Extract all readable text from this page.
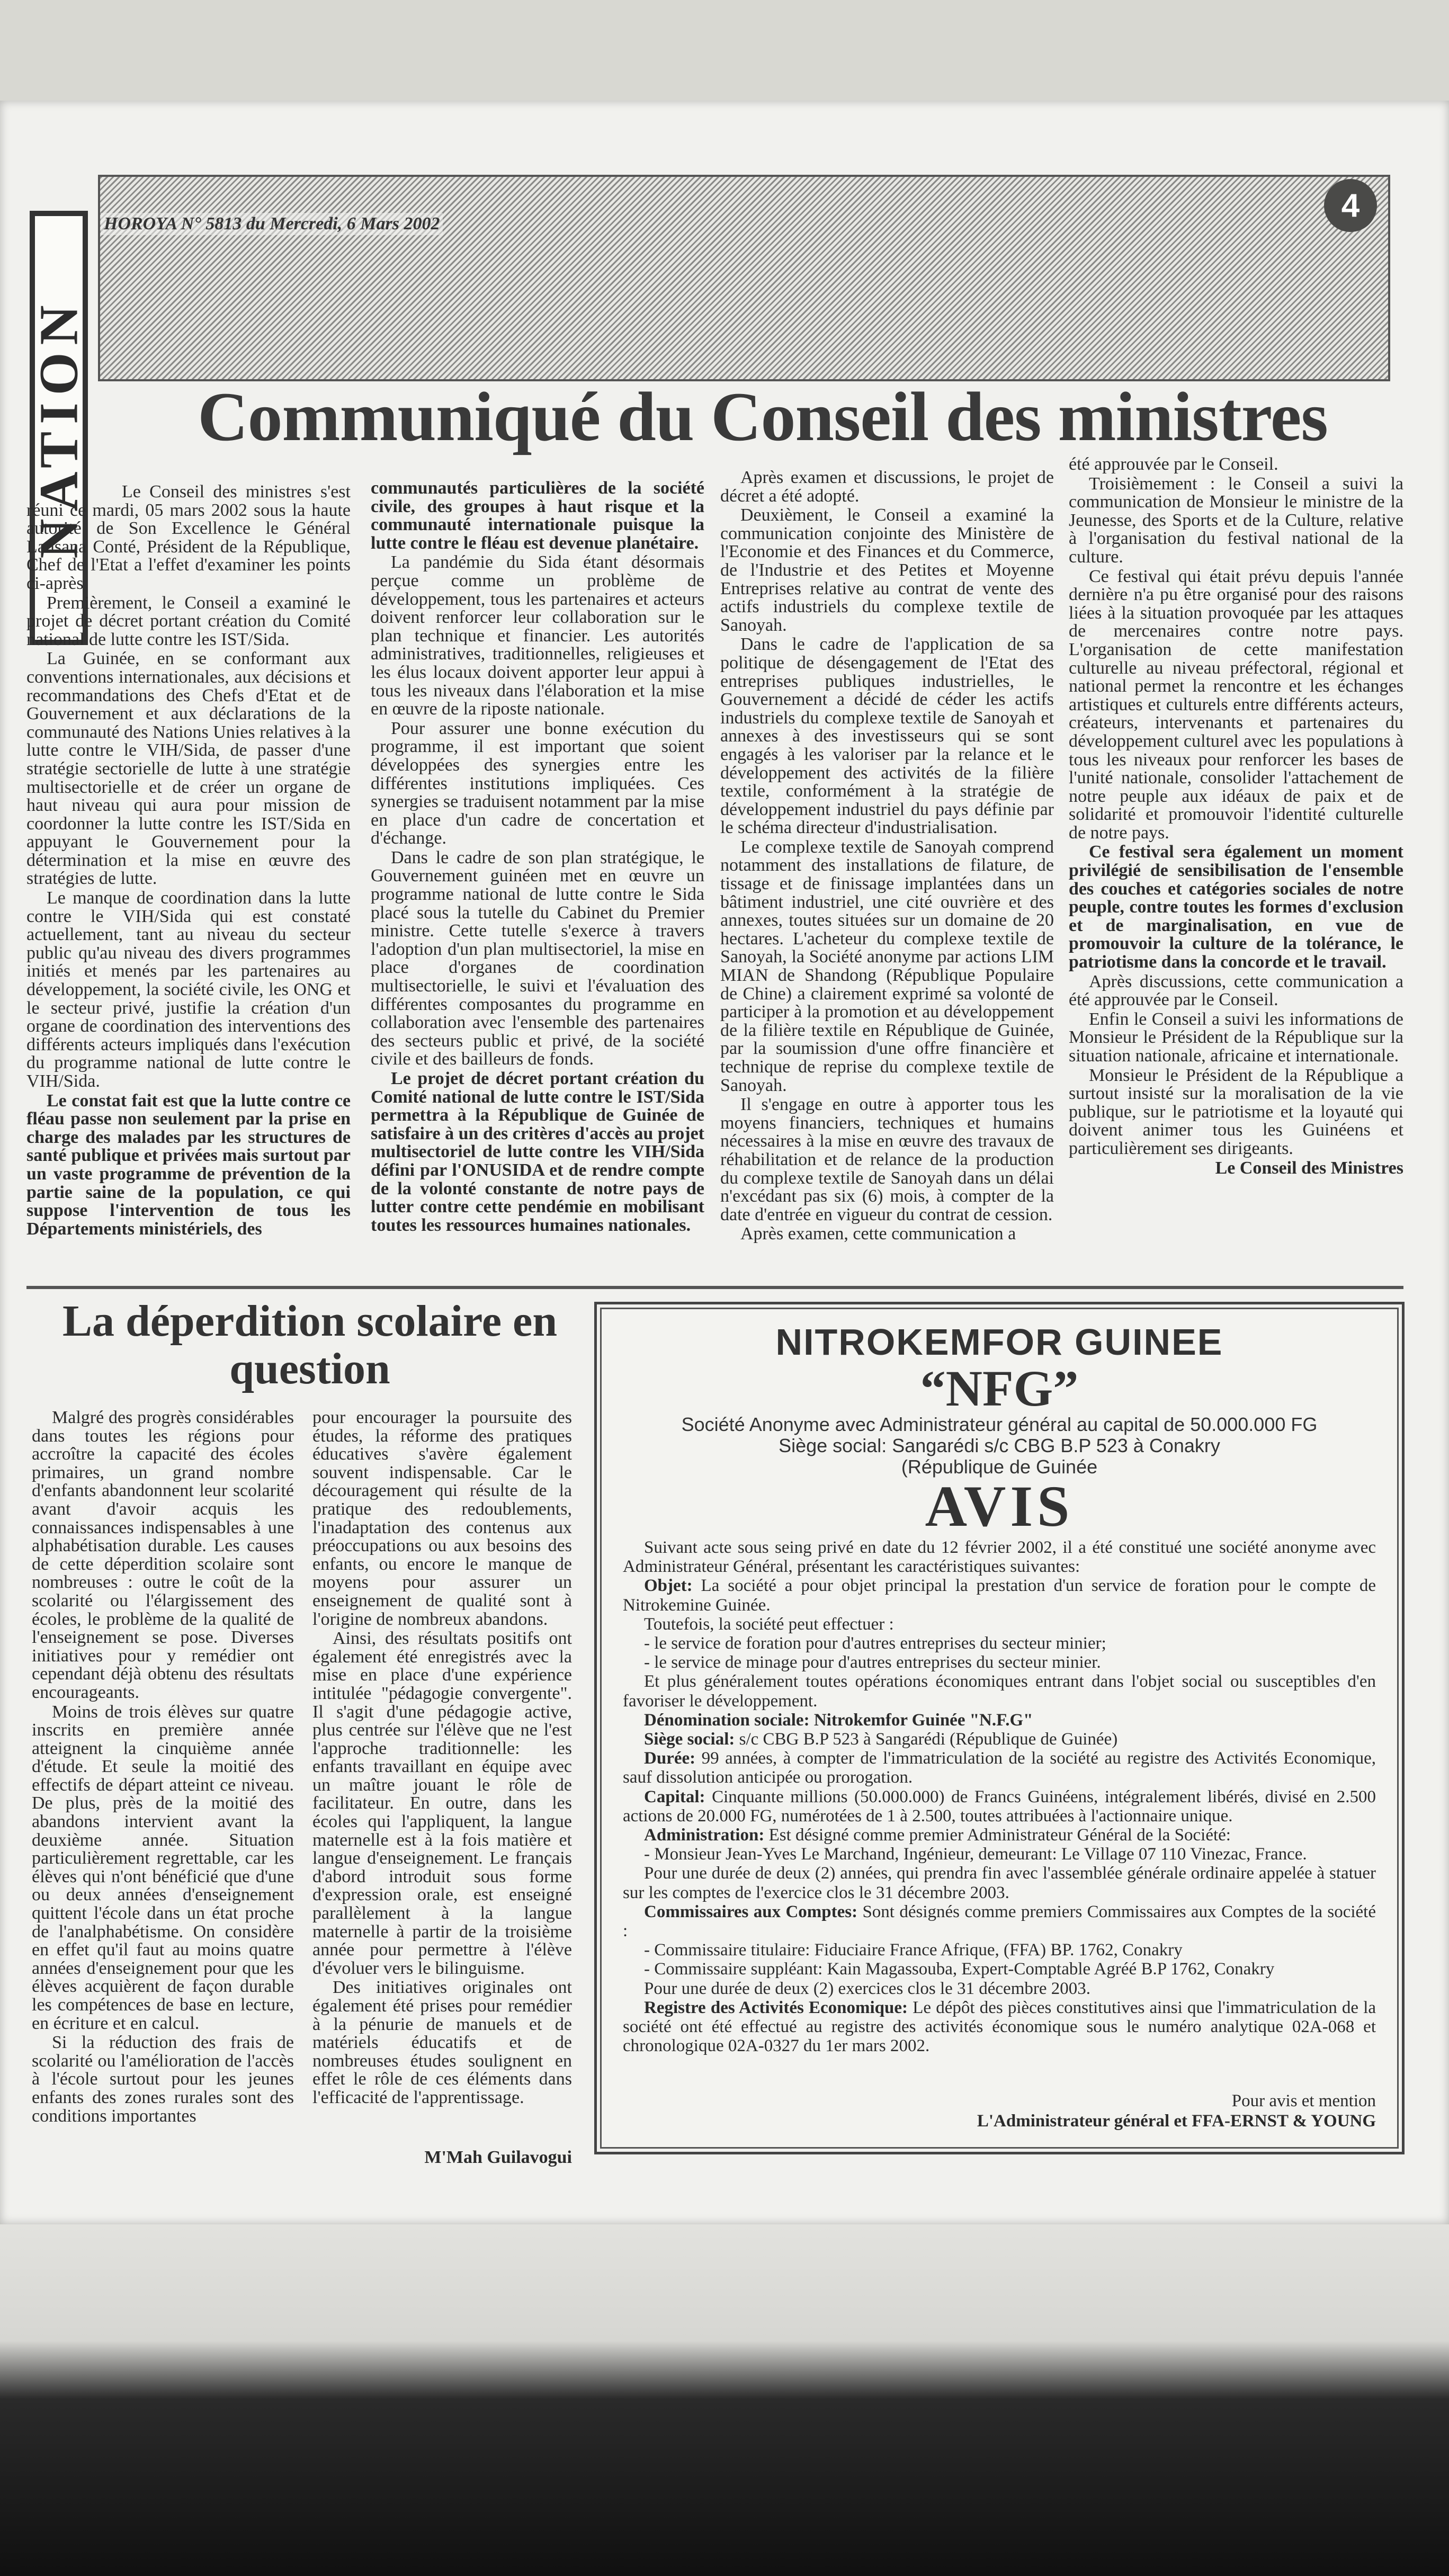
NATION
HOROYA N° 5813 du Mercredi, 6 Mars 2002	4
Communiqué du Conseil des ministres

Le Conseil des ministres s'est réuni ce mardi, 05 mars 2002 sous la haute autorité de Son Excellence le Général Lansana Conté, Président de la République, Chef de l'Etat a l'effet d'examiner les points ci-après

Premièrement, le Conseil a examiné le projet de décret portant création du Comité national de lutte contre les IST/Sida.

La Guinée, en se conformant aux conventions internationales, aux décisions et recommandations des Chefs d'Etat et de Gouvernement et aux déclarations de la communauté des Nations Unies relatives à la lutte contre le VIH/Sida, de passer d'une stratégie sectorielle de lutte à une stratégie multisectorielle et de créer un organe de haut niveau qui aura pour mission de coordonner la lutte contre les IST/Sida en appuyant le Gouvernement pour la détermination et la mise en œuvre des stratégies de lutte.

Le manque de coordination dans la lutte contre le VIH/Sida qui est constaté actuellement, tant au niveau du secteur public qu'au niveau des divers programmes initiés et menés par les partenaires au développement, la société civile, les ONG et le secteur privé, justifie la création d'un organe de coordination des interventions des différents acteurs impliqués dans l'exécution du programme national de lutte contre le VIH/Sida.

Le constat fait est que la lutte contre ce fléau passe non seulement par la prise en charge des malades par les structures de santé publique et privées mais surtout par un vaste programme de prévention de la partie saine de la population, ce qui suppose l'intervention de tous les Départements ministériels, des

communautés particulières de la société civile, des groupes à haut risque et la communauté internationale puisque la lutte contre le fléau est devenue planétaire.

La pandémie du Sida étant désormais perçue comme un problème de développement, tous les partenaires et acteurs doivent renforcer leur collaboration sur le plan technique et financier. Les autorités administratives, traditionnelles, religieuses et les élus locaux doivent apporter leur appui à tous les niveaux dans l'élaboration et la mise en œuvre de la riposte nationale.

Pour assurer une bonne exécution du programme, il est important que soient développées des synergies entre les différentes institutions impliquées. Ces synergies se traduisent notamment par la mise en place d'un cadre de concertation et d'échange.

Dans le cadre de son plan stratégique, le Gouvernement guinéen met en œuvre un programme national de lutte contre le Sida placé sous la tutelle du Cabinet du Premier ministre. Cette tutelle s'exerce à travers l'adoption d'un plan multisectoriel, la mise en place d'organes de coordination multisectorielle, le suivi et l'évaluation des différentes composantes du programme en collaboration avec l'ensemble des partenaires des secteurs public et privé, de la société civile et des bailleurs de fonds.

Le projet de décret portant création du Comité national de lutte contre le IST/Sida permettra à la République de Guinée de satisfaire à un des critères d'accès au projet multisectoriel de lutte contre les VIH/Sida défini par l'ONUSIDA et de rendre compte de la volonté constante de notre pays de lutter contre cette pendémie en mobilisant toutes les ressources humaines nationales.

Après examen et discussions, le projet de décret a été adopté.

Deuxièment, le Conseil a examiné la communication conjointe des Ministère de l'Economie et des Finances et du Commerce, de l'Industrie et des Petites et Moyenne Entreprises relative au contrat de vente des actifs industriels du complexe textile de Sanoyah.

Dans le cadre de l'application de sa politique de désengagement de l'Etat des entreprises publiques industrielles, le Gouvernement a décidé de céder les actifs industriels du complexe textile de Sanoyah et annexes à des investisseurs qui se sont engagés à les valoriser par la relance et le développement des activités de la filière textile, conformément à la stratégie de développement industriel du pays définie par le schéma directeur d'industrialisation.

Le complexe textile de Sanoyah comprend notamment des installations de filature, de tissage et de finissage implantées dans un bâtiment industriel, une cité ouvrière et des annexes, toutes situées sur un domaine de 20 hectares. L'acheteur du complexe textile de Sanoyah, la Société anonyme par actions LIM MIAN de Shandong (République Populaire de Chine) a clairement exprimé sa volonté de participer à la promotion et au développement de la filière textile en République de Guinée, par la soumission d'une offre financière et technique de reprise du complexe textile de Sanoyah.

Il s'engage en outre à apporter tous les moyens financiers, techniques et humains nécessaires à la mise en œuvre des travaux de réhabilitation et de relance de la production du complexe textile de Sanoyah dans un délai n'excédant pas six (6) mois, à compter de la date d'entrée en vigueur du contrat de cession.

Après examen, cette communication a

été approuvée par le Conseil.

Troisièmement : le Conseil a suivi la communication de Monsieur le ministre de la Jeunesse, des Sports et de la Culture, relative à l'organisation du festival national de la culture.

Ce festival qui était prévu depuis l'année dernière n'a pu être organisé pour des raisons liées à la situation provoquée par les attaques de mercenaires contre notre pays. L'organisation de cette manifestation culturelle au niveau préfectoral, régional et national permet la rencontre et les échanges artistiques et culturels entre différents acteurs, créateurs, intervenants et partenaires du développement culturel avec les populations à tous les niveaux pour renforcer les bases de l'unité nationale, consolider l'attachement de notre peuple aux idéaux de paix et de solidarité et promouvoir l'identité culturelle de notre pays.

Ce festival sera également un moment privilégié de sensibilisation de l'ensemble des couches et catégories sociales de notre peuple, contre toutes les formes d'exclusion et de marginalisation, en vue de promouvoir la culture de la tolérance, le patriotisme dans la concorde et le travail.

Après discussions, cette communication a été approuvée par le Conseil.

Enfin le Conseil a suivi les informations de Monsieur le Président de la République sur la situation nationale, africaine et internationale.

Monsieur le Président de la République a surtout insisté sur la moralisation de la vie publique, sur le patriotisme et la loyauté qui doivent animer tous les Guinéens et particulièrement ses dirigeants.

Le Conseil des Ministres

La déperdition scolaire en question

Malgré des progrès considérables dans toutes les régions pour accroître la capacité des écoles primaires, un grand nombre d'enfants abandonnent leur scolarité avant d'avoir acquis les connaissances indispensables à une alphabétisation durable. Les causes de cette déperdition scolaire sont nombreuses : outre le coût de la scolarité ou l'élargissement des écoles, le problème de la qualité de l'enseignement se pose. Diverses initiatives pour y remédier ont cependant déjà obtenu des résultats encourageants.

Moins de trois élèves sur quatre inscrits en première année atteignent la cinquième année d'étude. Et seule la moitié des effectifs de départ atteint ce niveau. De plus, près de la moitié des abandons intervient avant la deuxième année. Situation particulièrement regrettable, car les élèves qui n'ont bénéficié que d'une ou deux années d'enseignement quittent l'école dans un état proche de l'analphabétisme. On considère en effet qu'il faut au moins quatre années d'enseignement pour que les élèves acquièrent de façon durable les compétences de base en lecture, en écriture et en calcul.

Si la réduction des frais de scolarité ou l'amélioration de l'accès à l'école surtout pour les jeunes enfants des zones rurales sont des conditions importantes

pour encourager la poursuite des études, la réforme des pratiques éducatives s'avère également souvent indispensable. Car le découragement qui résulte de la pratique des redoublements, l'inadaptation des contenus aux préoccupations ou aux besoins des enfants, ou encore le manque de moyens pour assurer un enseignement de qualité sont à l'origine de nombreux abandons.

Ainsi, des résultats positifs ont également été enregistrés avec la mise en place d'une expérience intitulée "pédagogie convergente". Il s'agit d'une pédagogie active, plus centrée sur l'élève que ne l'est l'approche traditionnelle: les enfants travaillant en équipe avec un maître jouant le rôle de facilitateur. En outre, dans les écoles qui l'appliquent, la langue maternelle est à la fois matière et langue d'enseignement. Le français d'abord introduit sous forme d'expression orale, est enseigné parallèlement à la langue maternelle à partir de la troisième année pour permettre à l'élève d'évoluer vers le bilinguisme.

Des initiatives originales ont également été prises pour remédier à la pénurie de manuels et de matériels éducatifs et de nombreuses études soulignent en effet le rôle de ces éléments dans l'efficacité de l'apprentissage.

M'Mah Guilavogui
NITROKEMFOR GUINEE
“NFG”
Société Anonyme avec Administrateur général au capital de 50.000.000 FG
Siège social: Sangarédi s/c CBG B.P 523 à Conakry
(République de Guinée
AVIS

Suivant acte sous seing privé en date du 12 février 2002, il a été constitué une société anonyme avec Administrateur Général, présentant les caractéristiques suivantes:

Objet: La société a pour objet principal la prestation d'un service de foration pour le compte de Nitrokemine Guinée.

Toutefois, la société peut effectuer :

- le service de foration pour d'autres entreprises du secteur minier;

- le service de minage pour d'autres entreprises du secteur minier.

Et plus généralement toutes opérations économiques entrant dans l'objet social ou susceptibles d'en favoriser le développement.

Dénomination sociale: Nitrokemfor Guinée "N.F.G"

Siège social: s/c CBG B.P 523 à Sangarédi (République de Guinée)

Durée: 99 années, à compter de l'immatriculation de la société au registre des Activités Economique, sauf dissolution anticipée ou prorogation.

Capital: Cinquante millions (50.000.000) de Francs Guinéens, intégralement libérés, divisé en 2.500 actions de 20.000 FG, numérotées de 1 à 2.500, toutes attribuées à l'actionnaire unique.

Administration: Est désigné comme premier Administrateur Général de la Société:

- Monsieur Jean-Yves Le Marchand, Ingénieur, demeurant: Le Village 07 110 Vinezac, France.

Pour une durée de deux (2) années, qui prendra fin avec l'assemblée générale ordinaire appelée à statuer sur les comptes de l'exercice clos le 31 décembre 2003.

Commissaires aux Comptes: Sont désignés comme premiers Commissaires aux Comptes de la société :

- Commissaire titulaire: Fiduciaire France Afrique, (FFA) BP. 1762, Conakry

- Commissaire suppléant: Kain Magassouba, Expert-Comptable Agréé B.P 1762, Conakry

Pour une durée de deux (2) exercices clos le 31 décembre 2003.

Registre des Activités Economique: Le dépôt des pièces constitutives ainsi que l'immatriculation de la société ont été effectué au registre des activités économique sous le numéro analytique 02A-068 et chronologique 02A-0327 du 1er mars 2002.

Pour avis et mention
L'Administrateur général et FFA-ERNST & YOUNG
